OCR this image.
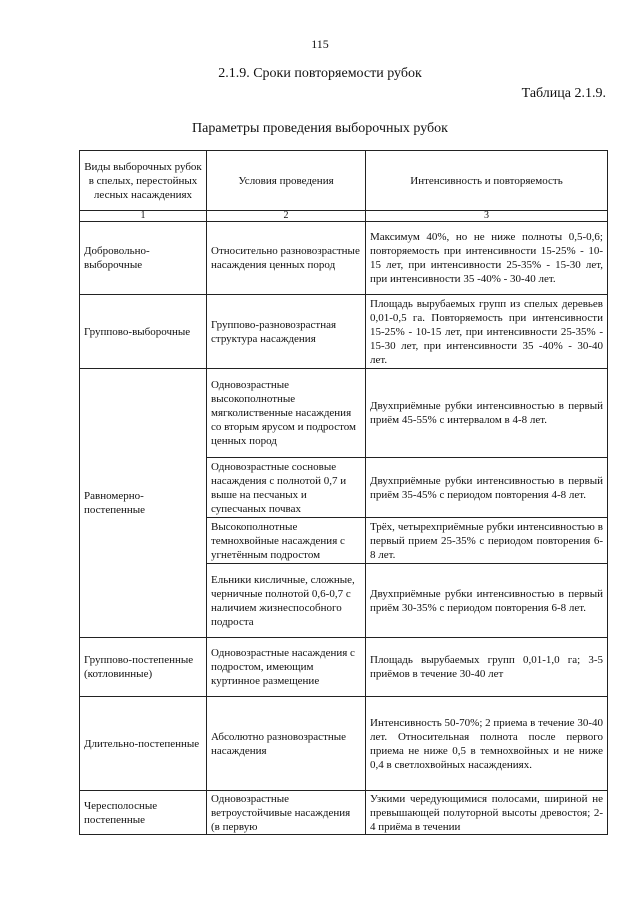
115
2.1.9. Сроки повторяемости рубок
Таблица 2.1.9.
Параметры проведения выборочных рубок
Виды выборочных рубок в спелых, перестойных лесных насаждениях	Условия проведения	Интенсивность и повторяемость
1	2	3
Добровольно-выборочные	Относительно разновозрастные насаждения ценных пород	Максимум 40%, но не ниже полноты 0,5-0,6; повторяемость при интенсивности 15-25% - 10-15 лет, при интенсивности 25-35% - 15-30 лет, при интенсивности 35 -40% - 30-40 лет.
Группово-выборочные	Группово-разновозрастная структура насаждения	Площадь вырубаемых групп из спелых деревьев 0,01-0,5 га. Повторяемость при интенсивности 15-25% - 10-15 лет, при интенсивности 25-35% - 15-30 лет, при интенсивности 35 -40% - 30-40 лет.
Равномерно-постепенные	Одновозрастные высокополнотные мягколиственные насаждения со вторым ярусом и подростом ценных пород	Двухприёмные рубки интенсивностью в первый приём 45-55% с интервалом в 4-8 лет.
	Одновозрастные сосновые насаждения с полнотой 0,7 и выше на песчаных и супесчаных почвах	Двухприёмные рубки интенсивностью в первый приём 35-45% с периодом повторения 4-8 лет.
	Высокополнотные темнохвойные насаждения с угнетённым подростом	Трёх, четырехприёмные рубки интенсивностью в первый прием 25-35% с периодом повторения 6-8 лет.
	Ельники кисличные, сложные, черничные полнотой 0,6-0,7 с наличием жизнеспособного подроста	Двухприёмные рубки интенсивностью в первый приём 30-35% с периодом повторения 6-8 лет.
Группово-постепенные (котловинные)	Одновозрастные насаждения с подростом, имеющим куртинное размещение	Площадь вырубаемых групп 0,01-1,0 га; 3-5 приёмов в течение 30-40 лет
Длительно-постепенные	Абсолютно разновозрастные насаждения	Интенсивность 50-70%; 2 приема в течение 30-40 лет. Относительная полнота после первого приема не ниже 0,5 в темнохвойных и не ниже 0,4 в светлохвойных насаждениях.
Чересполосные постепенные	Одновозрастные ветроустойчивые насаждения (в первую	Узкими чередующимися полосами, шириной не превышающей полуторной высоты древостоя; 2-4 приёма в течении
